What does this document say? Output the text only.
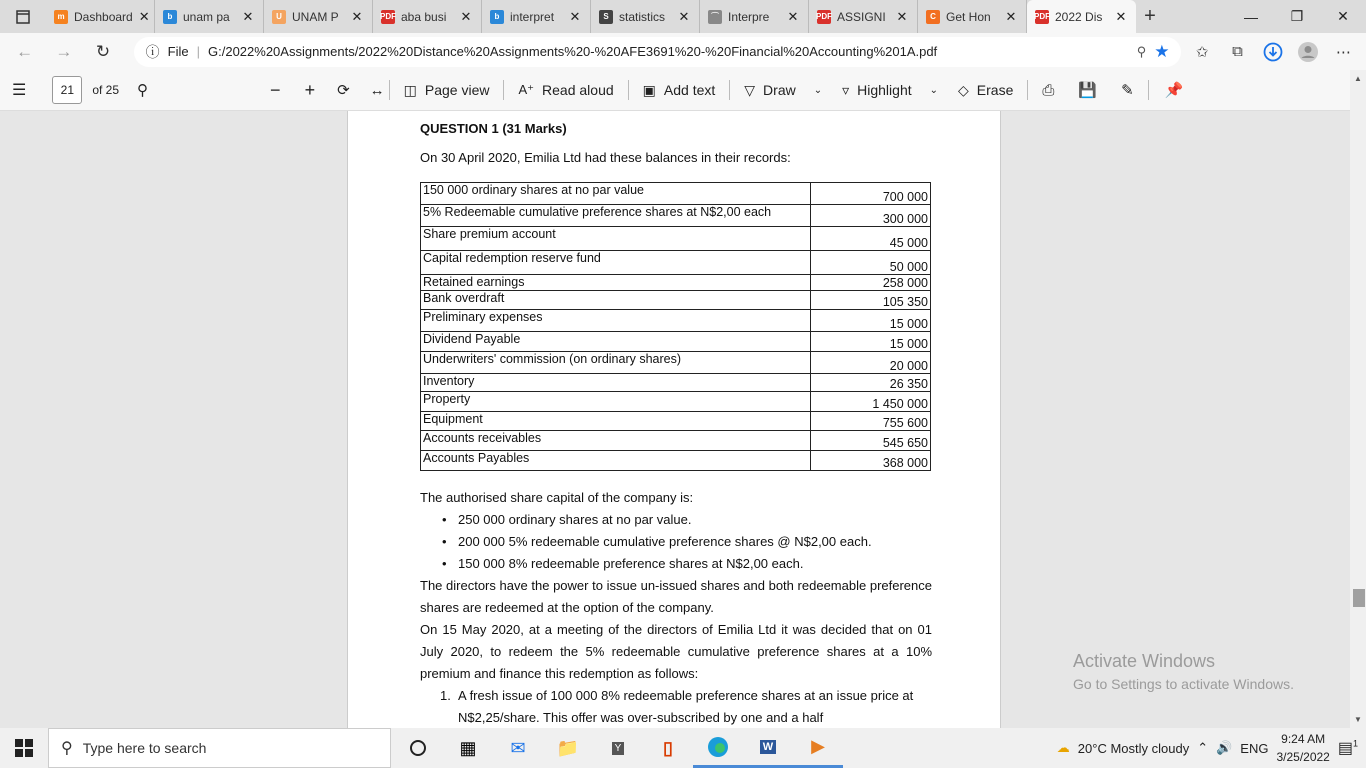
m Dashboard ✕	b unam pa ✕	U UNAM P ✕ PDF aba busi	✕	b interpret	✕	S statistics	✕	⌒ Interpre	✕ PDF ASSIGNI ✕	C Get Hon	✕ PDF 2022 Dis	✕ +	—	❐	✕
←	→	↻	ⓘ File | G:/2022%20Assignments/2022%20Distance%20Assignments%20-%20AFE3691%20-%20Financial%20Accounting%201A.pdf	⚲ ★	✩	⧉	⋯
☰	21	of 25 ⚲	− + ⟳ ↔ ◫ Page view A⁺ Read aloud ▣ Add text ▽ Draw ⌄ ▿ Highlight ⌄ ◇ Erase ⎙ 💾 ✎ 📌
QUESTION 1 (31 Marks)
On 30 April 2020, Emilia Ltd had these balances in their records:
150 000 ordinary shares at no par value	700 000
5% Redeemable cumulative preference shares at N$2,00 each	300 000
Share premium account	45 000
Capital redemption reserve fund	50 000
Retained earnings	258 000
Bank overdraft	105 350
Preliminary expenses	15 000
Dividend Payable	15 000
Underwriters' commission (on ordinary shares)	20 000
Inventory	26 350
Property	1 450 000
Equipment	755 600
Accounts receivables	545 650
Accounts Payables	368 000
The authorised share capital of the company is:
• 250 000 ordinary shares at no par value.
• 200 000 5% redeemable cumulative preference shares @ N$2,00 each.
• 150 000 8% redeemable preference shares at N$2,00 each.
The directors have the power to issue un-issued shares and both redeemable preference shares are redeemed at the option of the company.
On 15 May 2020, at a meeting of the directors of Emilia Ltd it was decided that on 01 July 2020, to redeem the 5% redeemable cumulative preference shares at a 10% premium and finance this redemption as follows:
1. A fresh issue of 100 000 8% redeemable preference shares at an issue price at N$2,25/share. This offer was over-subscribed by one and a half
▲
▼
Activate Windows
Go to Settings to activate Windows.
⚲ Type here to search	▦	✉	📁	Y	▯	W	▶	☁ 20°C Mostly cloudy ⌃ 🔊 ENG
9:24 AM
3/25/2022 ▤$^1$
